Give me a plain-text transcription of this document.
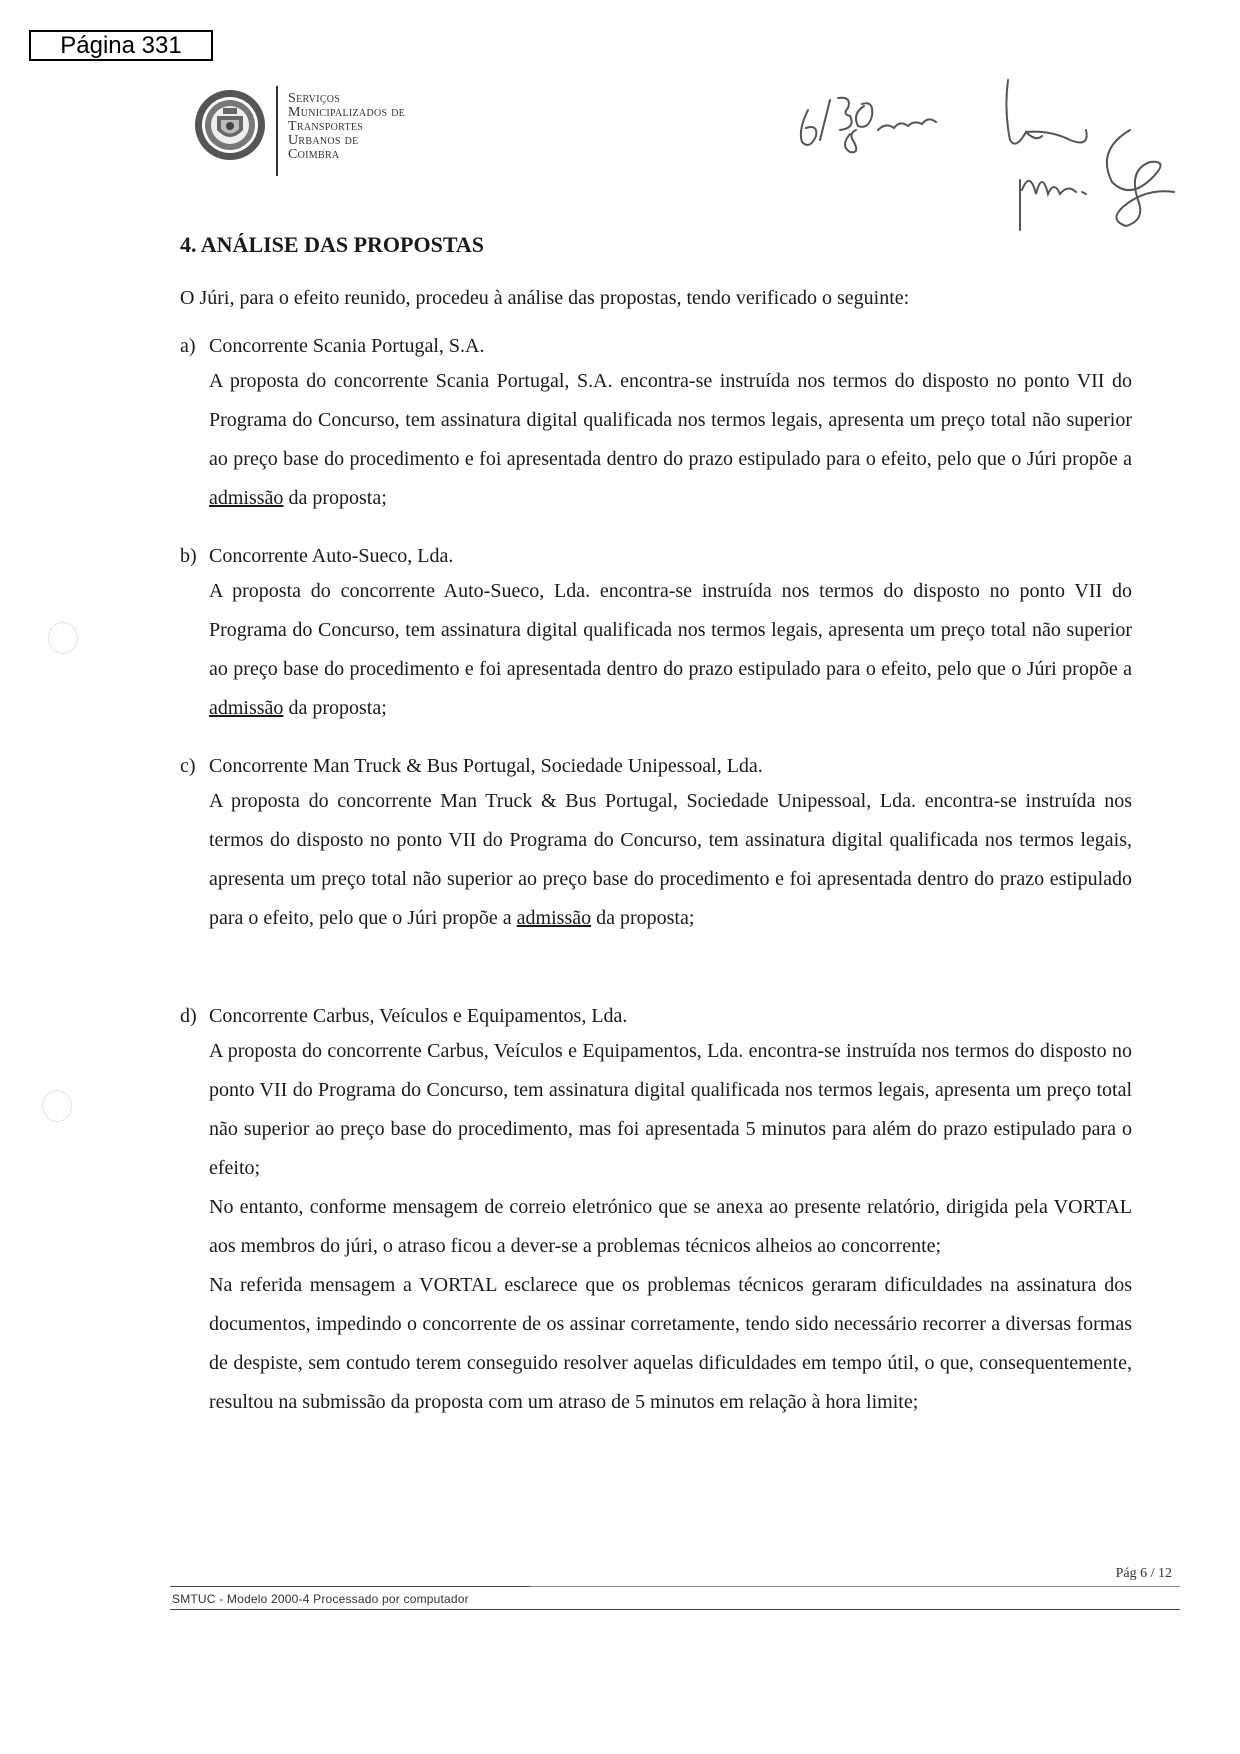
Página 331
Serviços
Municipalizados de
Transportes
Urbanos de
Coimbra
4. ANÁLISE DAS PROPOSTAS
O Júri, para o efeito reunido, procedeu à análise das propostas, tendo verificado o seguinte:
a) Concorrente Scania Portugal, S.A.

A proposta do concorrente Scania Portugal, S.A. encontra-se instruída nos termos do disposto no ponto VII do Programa do Concurso, tem assinatura digital qualificada nos termos legais, apresenta um preço total não superior ao preço base do procedimento e foi apresentada dentro do prazo estipulado para o efeito, pelo que o Júri propõe a admissão da proposta;

b) Concorrente Auto-Sueco, Lda.

A proposta do concorrente Auto-Sueco, Lda. encontra-se instruída nos termos do disposto no ponto VII do Programa do Concurso, tem assinatura digital qualificada nos termos legais, apresenta um preço total não superior ao preço base do procedimento e foi apresentada dentro do prazo estipulado para o efeito, pelo que o Júri propõe a admissão da proposta;

c) Concorrente Man Truck & Bus Portugal, Sociedade Unipessoal, Lda.

A proposta do concorrente Man Truck & Bus Portugal, Sociedade Unipessoal, Lda. encontra-se instruída nos termos do disposto no ponto VII do Programa do Concurso, tem assinatura digital qualificada nos termos legais, apresenta um preço total não superior ao preço base do procedimento e foi apresentada dentro do prazo estipulado para o efeito, pelo que o Júri propõe a admissão da proposta;

d) Concorrente Carbus, Veículos e Equipamentos, Lda.

A proposta do concorrente Carbus, Veículos e Equipamentos, Lda. encontra-se instruída nos termos do disposto no ponto VII do Programa do Concurso, tem assinatura digital qualificada nos termos legais, apresenta um preço total não superior ao preço base do procedimento, mas foi apresentada 5 minutos para além do prazo estipulado para o efeito;

No entanto, conforme mensagem de correio eletrónico que se anexa ao presente relatório, dirigida pela VORTAL aos membros do júri, o atraso ficou a dever-se a problemas técnicos alheios ao concorrente;

Na referida mensagem a VORTAL esclarece que os problemas técnicos geraram dificuldades na assinatura dos documentos, impedindo o concorrente de os assinar corretamente, tendo sido necessário recorrer a diversas formas de despiste, sem contudo terem conseguido resolver aquelas dificuldades em tempo útil, o que, consequentemente, resultou na submissão da proposta com um atraso de 5 minutos em relação à hora limite;

Pág 6 / 12
SMTUC - Modelo 2000-4 Processado por computador
